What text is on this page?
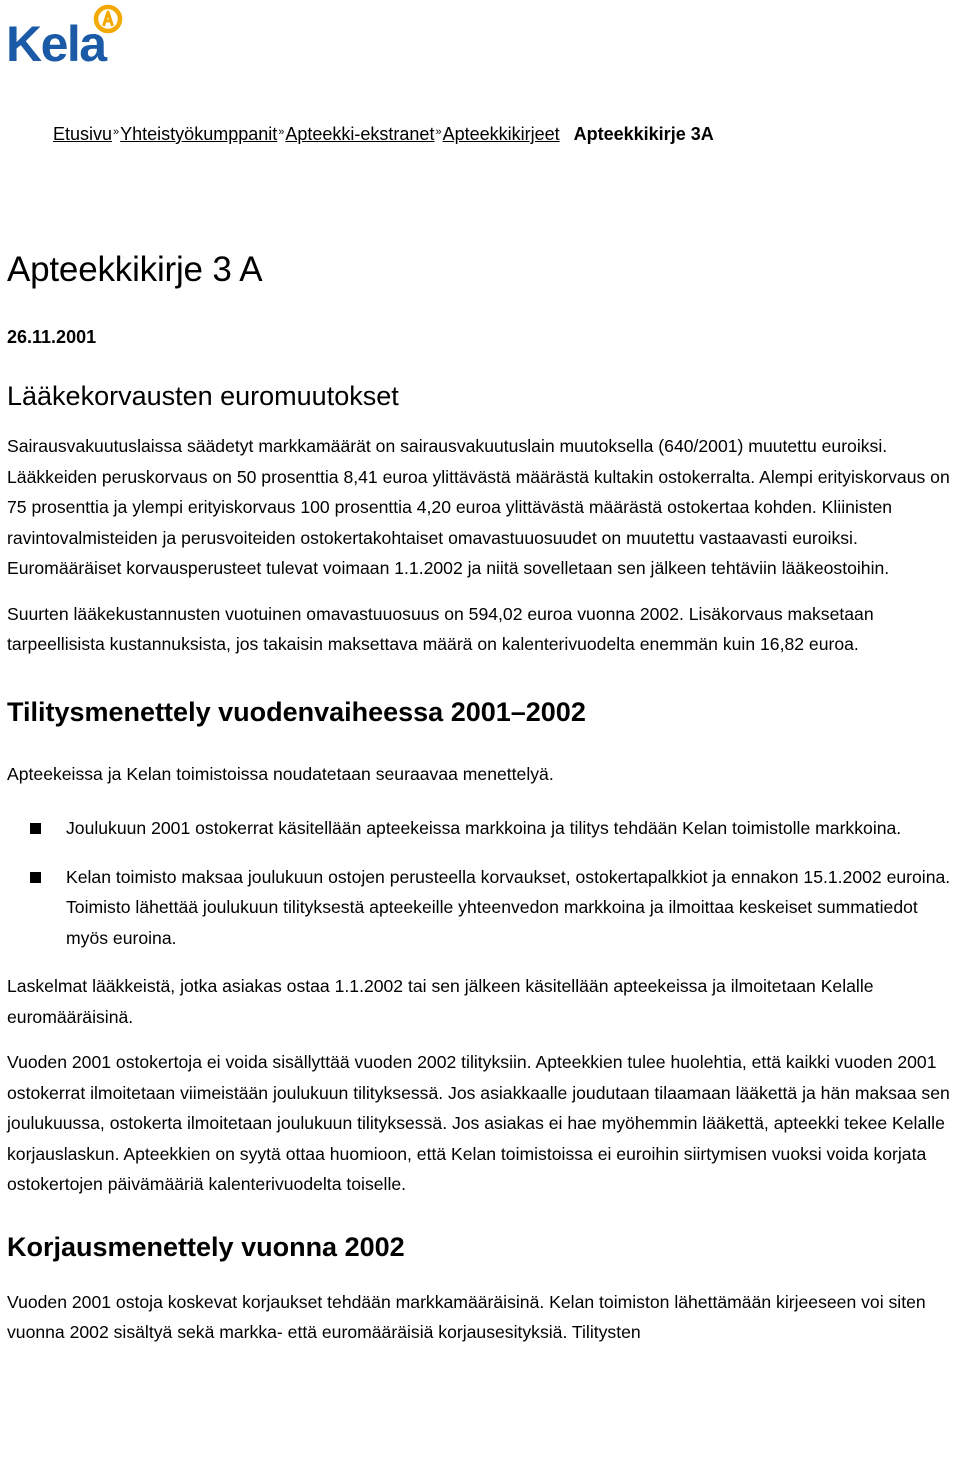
Kela
Etusivu»Yhteistyökumppanit»Apteekki-ekstranet»Apteekkikirjeet Apteekkikirje 3A
Apteekkikirje 3 A
26.11.2001
Lääkekorvausten euromuutokset

Sairausvakuutuslaissa säädetyt markkamäärät on sairausvakuutuslain muutoksella (640/2001) muutettu euroiksi. Lääkkeiden peruskorvaus on 50 prosenttia 8,41 euroa ylittävästä määrästä kultakin ostokerralta. Alempi erityiskorvaus on 75 prosenttia ja ylempi erityiskorvaus 100 prosenttia 4,20 euroa ylittävästä määrästä ostokertaa kohden. Kliinisten ravintovalmisteiden ja perusvoiteiden ostokertakohtaiset omavastuuosuudet on muutettu vastaavasti euroiksi. Euromääräiset korvausperusteet tulevat voimaan 1.1.2002 ja niitä sovelletaan sen jälkeen tehtäviin lääkeostoihin.

Suurten lääkekustannusten vuotuinen omavastuuosuus on 594,02 euroa vuonna 2002. Lisäkorvaus maksetaan tarpeellisista kustannuksista, jos takaisin maksettava määrä on kalenterivuodelta enemmän kuin 16,82 euroa.

Tilitysmenettely vuodenvaiheessa 2001–2002

Apteekeissa ja Kelan toimistoissa noudatetaan seuraavaa menettelyä.

Joulukuun 2001 ostokerrat käsitellään apteekeissa markkoina ja tilitys tehdään Kelan toimistolle markkoina.
Kelan toimisto maksaa joulukuun ostojen perusteella korvaukset, ostokertapalkkiot ja ennakon 15.1.2002 euroina. Toimisto lähettää joulukuun tilityksestä apteekeille yhteenvedon markkoina ja ilmoittaa keskeiset summatiedot myös euroina.

Laskelmat lääkkeistä, jotka asiakas ostaa 1.1.2002 tai sen jälkeen käsitellään apteekeissa ja ilmoitetaan Kelalle euromääräisinä.

Vuoden 2001 ostokertoja ei voida sisällyttää vuoden 2002 tilityksiin. Apteekkien tulee huolehtia, että kaikki vuoden 2001 ostokerrat ilmoitetaan viimeistään joulukuun tilityksessä. Jos asiakkaalle joudutaan tilaamaan lääkettä ja hän maksaa sen joulukuussa, ostokerta ilmoitetaan joulukuun tilityksessä. Jos asiakas ei hae myöhemmin lääkettä, apteekki tekee Kelalle korjauslaskun. Apteekkien on syytä ottaa huomioon, että Kelan toimistoissa ei euroihin siirtymisen vuoksi voida korjata ostokertojen päivämääriä kalenterivuodelta toiselle.

Korjausmenettely vuonna 2002

Vuoden 2001 ostoja koskevat korjaukset tehdään markkamääräisinä. Kelan toimiston lähettämään kirjeeseen voi siten vuonna 2002 sisältyä sekä markka- että euromääräisiä korjausesityksiä. Tilitysten
